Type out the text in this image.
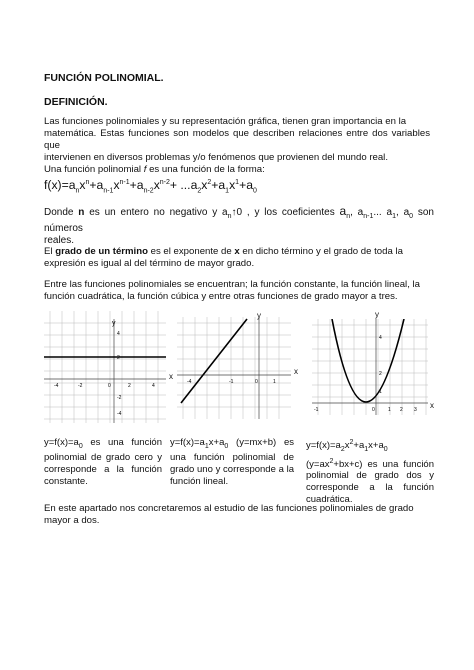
FUNCIÓN POLINOMIAL.
DEFINICIÓN.
Las funciones polinomiales y su representación gráfica, tienen gran importancia en la
matemática. Estas funciones son modelos que describen relaciones entre dos variables que
intervienen en diversos problemas y/o fenómenos que provienen del mundo real.
Una función polinomial f es una función de la forma:
$f(x)=a_nx^n+a_{n-1}x^{n-1}+a_{n-2}x^{n-2}+ ...a_2x^2+a_1x^1+a_0$
Donde n es un entero no negativo y $a_n↑0$ , y los coeficientes $a_n$, $a_{n-1}$... $a_1$, $a_0$ son números
reales.
El grado de un término es el exponente de x en dicho término y el grado de toda la
expresión es igual al del término de mayor grado.
Entre las funciones polinomiales se encuentran; la función constante, la función lineal, la
función cuadrática, la función cúbica y entre otras funciones de grado mayor a tres.
y
-4	-2	0	2	4
4
2
-2
-4
x
-4	-1	0	1
y
x
-1	0	1 2 3
4
2
1
y
x
$y=f(x)=a_0$ es una función polinomial de grado cero y corresponde a la función constante.
$y=f(x)=a_1x+a_0$ (y=mx+b) es una función polinomial de grado uno y corresponde a la función lineal.
$y=f(x)=a_2x^2+a_1x+a_0$
$(y=ax^2+bx+c)$ es una función polinomial de grado dos y corresponde a la función cuadrática.
En este apartado nos concretaremos al estudio de las funciones polinomiales de grado
mayor a dos.
